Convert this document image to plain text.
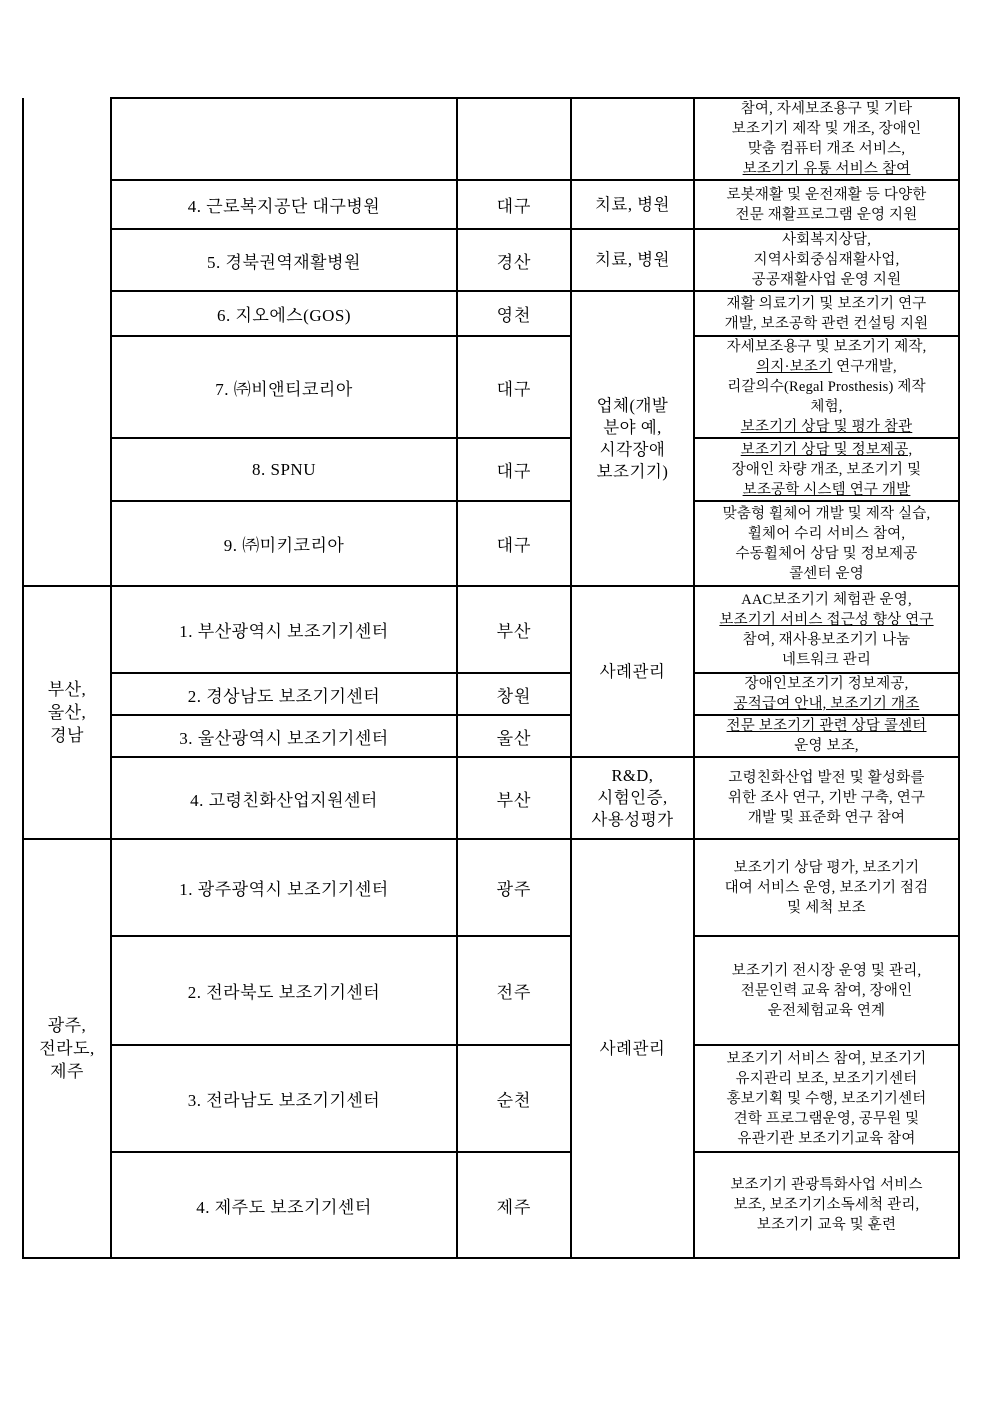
				참여, 자세보조용구 및 기타
보조기기 제작 및 개조, 장애인
맞춤 컴퓨터 개조 서비스,
보조기기 유통 서비스 참여
	4. 근로복지공단 대구병원	대구	치료, 병원	로봇재활 및 운전재활 등 다양한
전문 재활프로그램 운영 지원
	5. 경북권역재활병원	경산	치료, 병원	사회복지상담,
지역사회중심재활사업,
공공재활사업 운영 지원
	6. 지오에스(GOS)	영천	업체(개발
분야 예,
시각장애
보조기기)	재활 의료기기 및 보조기기 연구
개발, 보조공학 관련 컨설팅 지원
	7. ㈜비앤티코리아	대구		자세보조용구 및 보조기기 제작,
의지·보조기 연구개발,
리갈의수(Regal Prosthesis) 제작
체험,
보조기기 상담 및 평가 참관
	8. SPNU	대구		보조기기 상담 및 정보제공,
장애인 차량 개조, 보조기기 및
보조공학 시스템 연구 개발
	9. ㈜미키코리아	대구		맞춤형 휠체어 개발 및 제작 실습,
휠체어 수리 서비스 참여,
수동휠체어 상담 및 정보제공
콜센터 운영
부산,
울산,
경남	1. 부산광역시 보조기기센터	부산	사례관리	AAC보조기기 체험관 운영,
보조기기 서비스 접근성 향상 연구
참여, 재사용보조기기 나눔
네트워크 관리
	2. 경상남도 보조기기센터	창원		장애인보조기기 정보제공,
공적급여 안내, 보조기기 개조
	3. 울산광역시 보조기기센터	울산		전문 보조기기 관련 상담 콜센터
운영 보조,
	4. 고령친화산업지원센터	부산	R&D,
시험인증,
사용성평가	고령친화산업 발전 및 활성화를
위한 조사 연구, 기반 구축, 연구
개발 및 표준화 연구 참여
광주,
전라도,
제주	1. 광주광역시 보조기기센터	광주	사례관리	보조기기 상담 평가, 보조기기
대여 서비스 운영, 보조기기 점검
및 세척 보조
	2. 전라북도 보조기기센터	전주		보조기기 전시장 운영 및 관리,
전문인력 교육 참여, 장애인
운전체험교육 연계
	3. 전라남도 보조기기센터	순천		보조기기 서비스 참여, 보조기기
유지관리 보조, 보조기기센터
홍보기획 및 수행, 보조기기센터
견학 프로그램운영, 공무원 및
유관기관 보조기기교육 참여
	4. 제주도 보조기기센터	제주		보조기기 관광특화사업 서비스
보조, 보조기기소독세척 관리,
보조기기 교육 및 훈련
